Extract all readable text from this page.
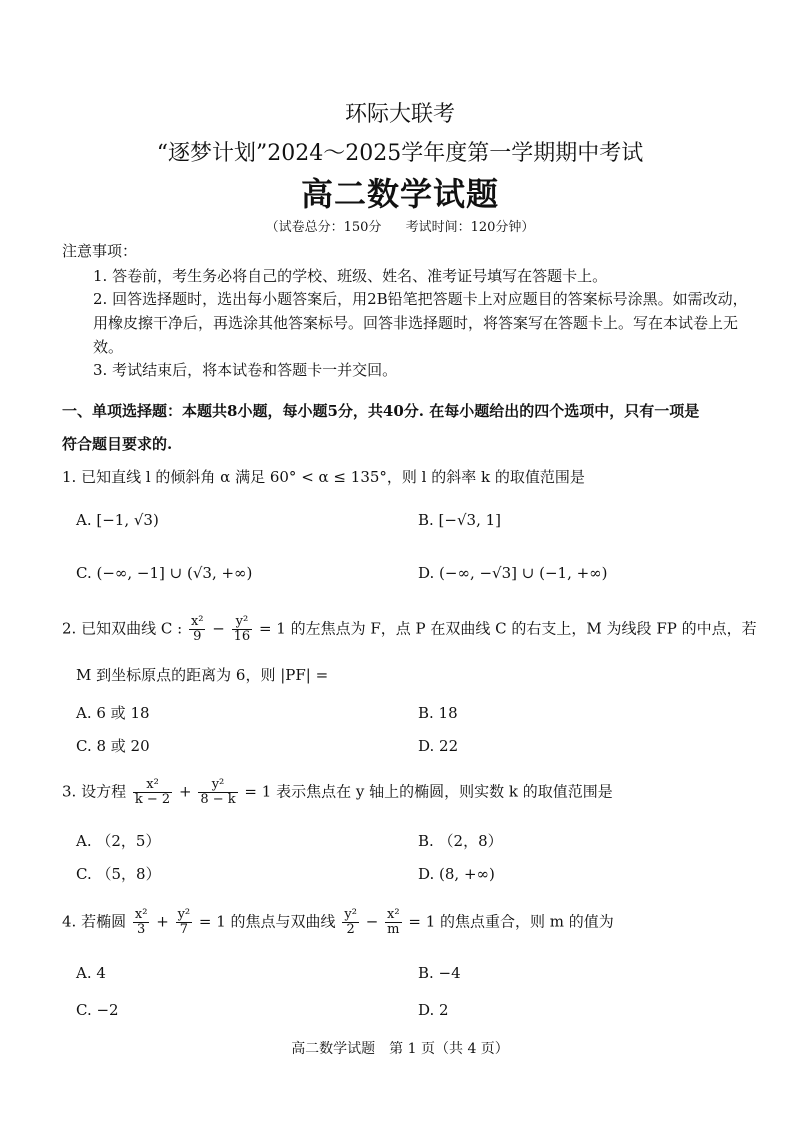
环际大联考
“逐梦计划”2024～2025学年度第一学期期中考试
高二数学试题
（试卷总分：150分 考试时间：120分钟）
注意事项：
1. 答卷前，考生务必将自己的学校、班级、姓名、准考证号填写在答题卡上。
2. 回答选择题时，选出每小题答案后，用2B铅笔把答题卡上对应题目的答案标号涂黑。如需改动，用橡皮擦干净后，再选涂其他答案标号。回答非选择题时，将答案写在答题卡上。写在本试卷上无效。
3. 考试结束后，将本试卷和答题卡一并交回。
一、单项选择题：本题共8小题，每小题5分，共40分. 在每小题给出的四个选项中，只有一项是
符合题目要求的.
1. 已知直线 l 的倾斜角 α 满足 60° < α ≤ 135°，则 l 的斜率 k 的取值范围是
A. [−1, √3)	B. [−√3, 1]
C. (−∞, −1] ∪ (√3, +∞)	D. (−∞, −√3] ∪ (−1, +∞)
2. 已知双曲线 C : $\frac{\text{x²}}{9} - \frac{\text{y²}}{16} = 1$ 的左焦点为 F，点 P 在双曲线 C 的右支上，M 为线段 FP 的中点，若
M 到坐标原点的距离为 6，则 |PF| =
A. 6 或 18	B. 18
C. 8 或 20	D. 22
3. 设方程 $\frac{\text{x²}}{k - 2} + \frac{\text{y²}}{8 - k} = 1$ 表示焦点在 y 轴上的椭圆，则实数 k 的取值范围是
A. （2，5）	B. （2，8）
C. （5，8）	D. (8, +∞)
4. 若椭圆 $\frac{\text{x²}}{3} + \frac{\text{y²}}{7} = 1$ 的焦点与双曲线 $\frac{\text{y²}}{2} - \frac{\text{x²}}{m} = 1$ 的焦点重合，则 m 的值为
A. 4	B. −4
C. −2	D. 2
高二数学试题　第 1 页（共 4 页）
